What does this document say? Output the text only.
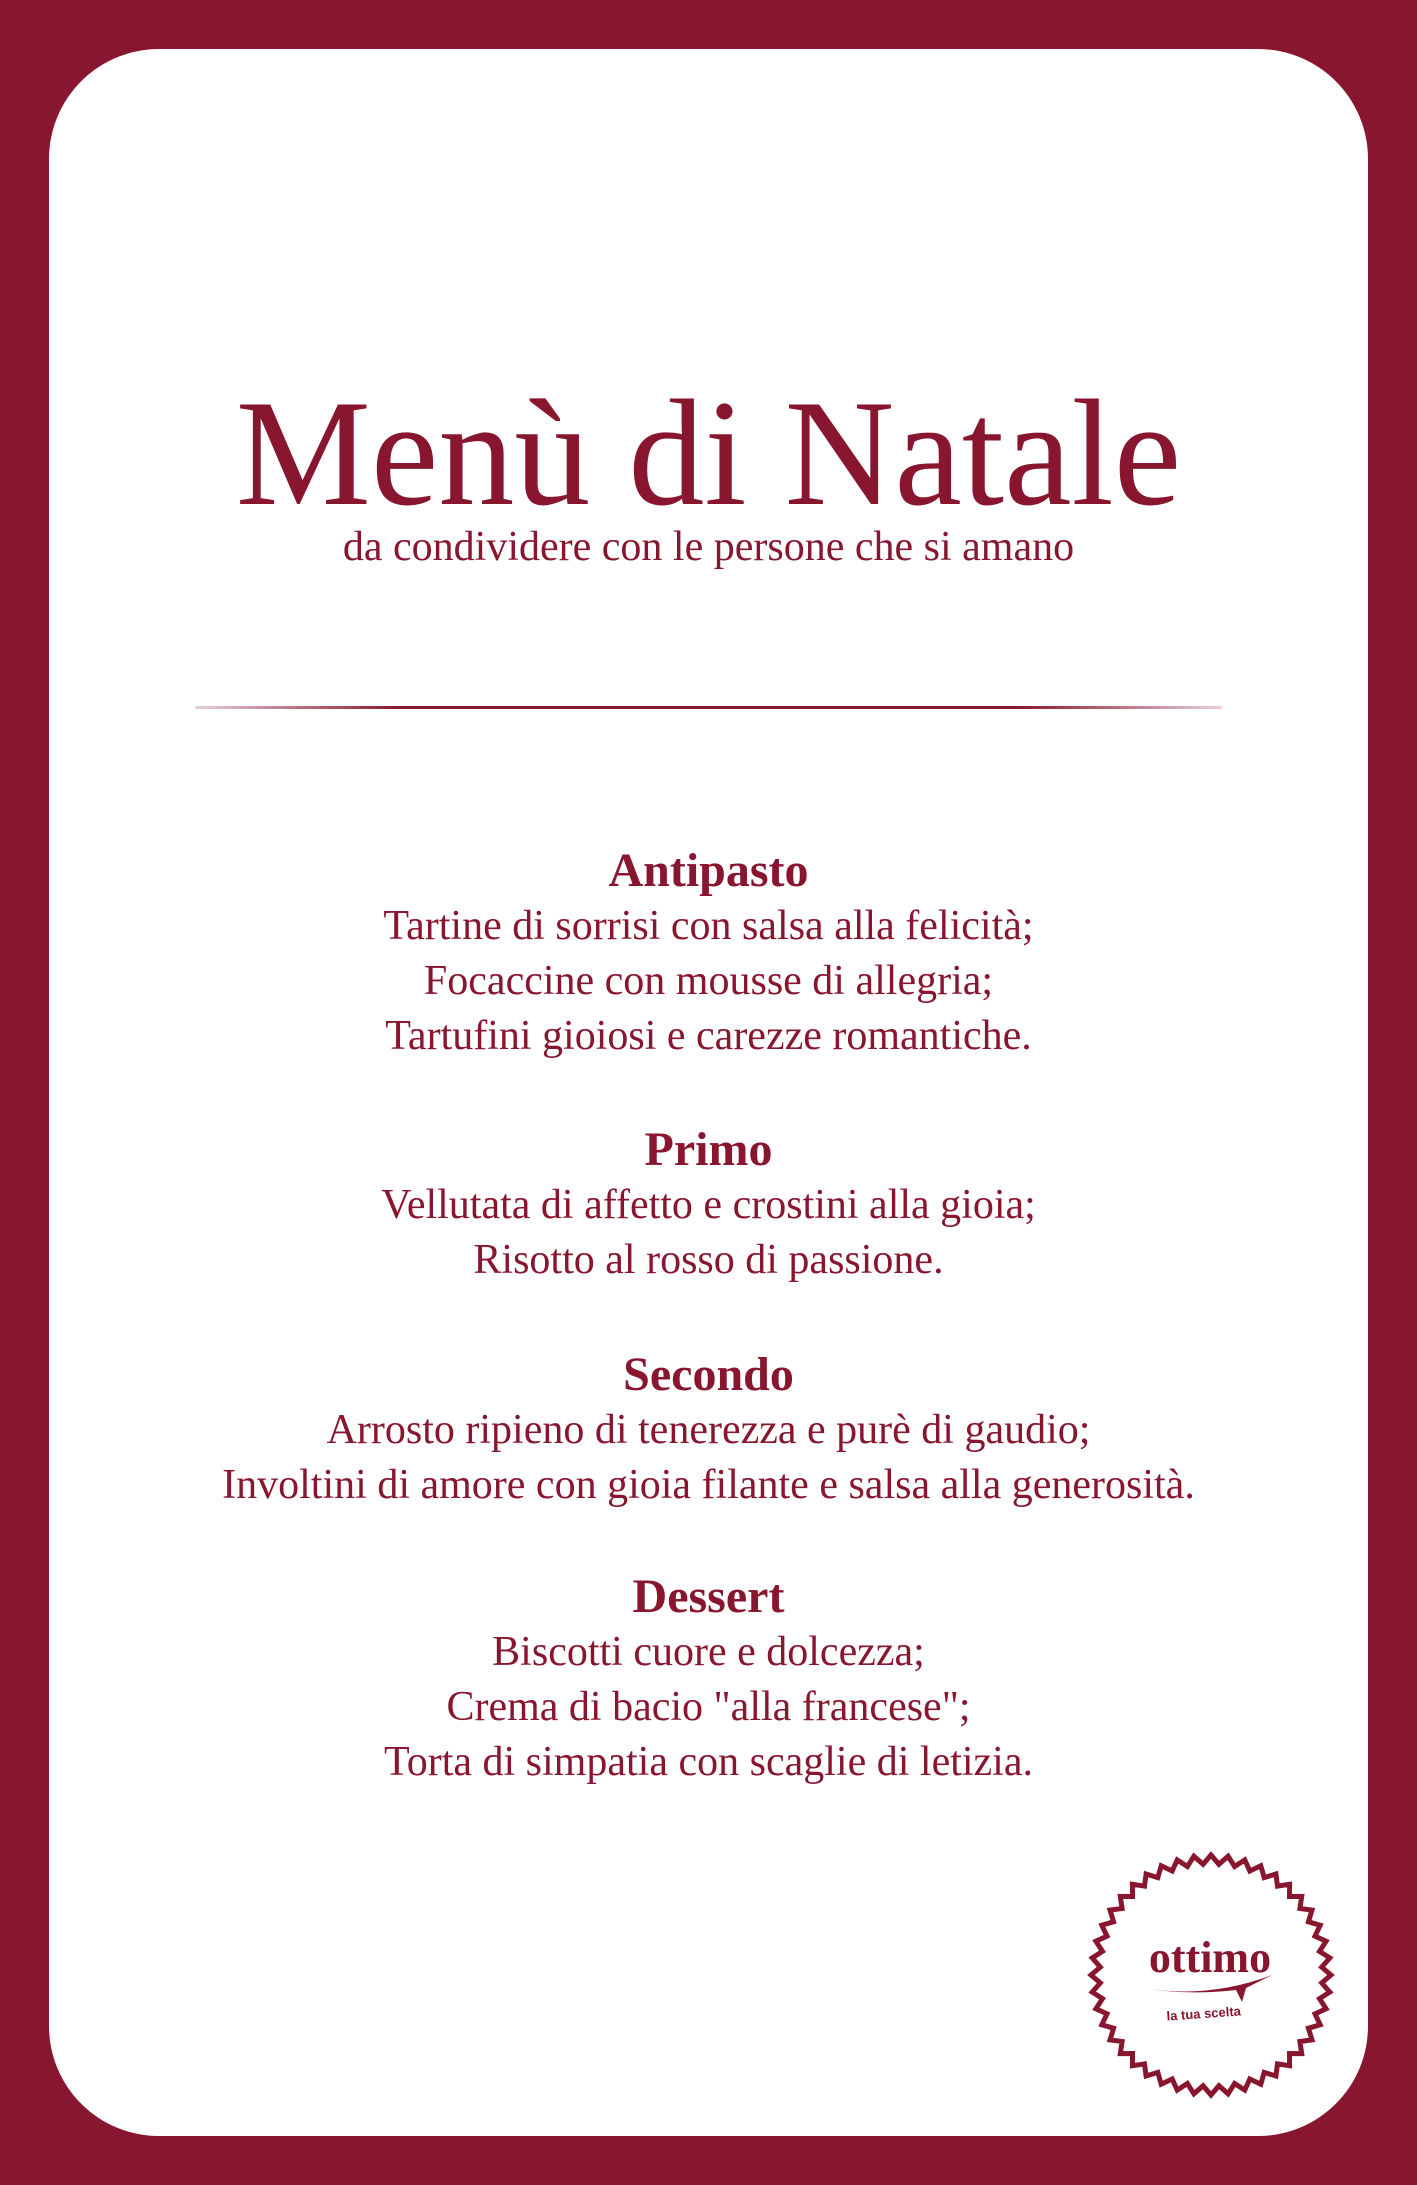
Menù di Natale
da condividere con le persone che si amano
Antipasto
Tartine di sorrisi con salsa alla felicità;
Focaccine con mousse di allegria;
Tartufini gioiosi e carezze romantiche.
Primo
Vellutata di affetto e crostini alla gioia;
Risotto al rosso di passione.
Secondo
Arrosto ripieno di tenerezza e purè di gaudio;
Involtini di amore con gioia filante e salsa alla generosità.
Dessert
Biscotti cuore e dolcezza;
Crema di bacio "alla francese";
Torta di simpatia con scaglie di letizia.
ottimo
la tua scelta
